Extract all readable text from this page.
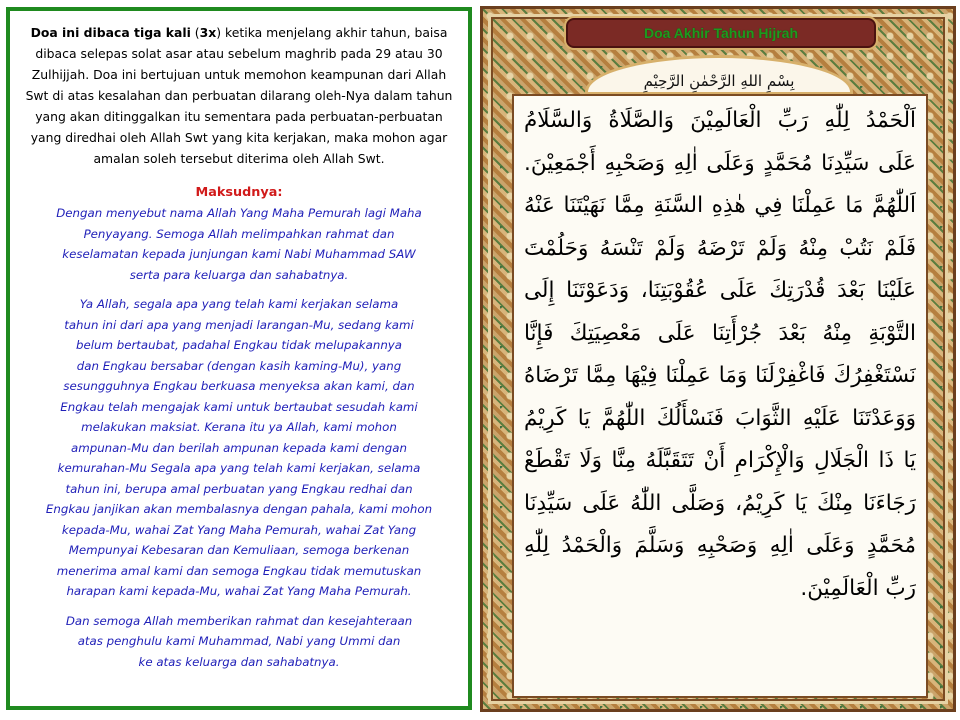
Doa ini dibaca tiga kali (3x) ketika menjelang akhir tahun, baisa dibaca selepas solat asar atau sebelum maghrib pada 29 atau 30 Zulhijjah. Doa ini bertujuan untuk memohon keampunan dari Allah Swt di atas kesalahan dan perbuatan dilarang oleh-Nya dalam tahun yang akan ditinggalkan itu sementara pada perbuatan-perbuatan yang diredhai oleh Allah Swt yang kita kerjakan, maka mohon agar amalan soleh tersebut diterima oleh Allah Swt.

Maksudnya:

Dengan menyebut nama Allah Yang Maha Pemurah lagi Maha
Penyayang. Semoga Allah melimpahkan rahmat dan
keselamatan kepada junjungan kami Nabi Muhammad SAW
serta para keluarga dan sahabatnya.

Ya Allah, segala apa yang telah kami kerjakan selama
tahun ini dari apa yang menjadi larangan-Mu, sedang kami
belum bertaubat, padahal Engkau tidak melupakannya
dan Engkau bersabar (dengan kasih kaming-Mu), yang
sesungguhnya Engkau berkuasa menyeksa akan kami, dan
Engkau telah mengajak kami untuk bertaubat sesudah kami
melakukan maksiat. Kerana itu ya Allah, kami mohon
ampunan-Mu dan berilah ampunan kepada kami dengan
kemurahan-Mu Segala apa yang telah kami kerjakan, selama
tahun ini, berupa amal perbuatan yang Engkau redhai dan
Engkau janjikan akan membalasnya dengan pahala, kami mohon
kepada-Mu, wahai Zat Yang Maha Pemurah, wahai Zat Yang
Mempunyai Kebesaran dan Kemuliaan, semoga berkenan
menerima amal kami dan semoga Engkau tidak memutuskan
harapan kami kepada-Mu, wahai Zat Yang Maha Pemurah.

Dan semoga Allah memberikan rahmat dan kesejahteraan
atas penghulu kami Muhammad, Nabi yang Ummi dan
ke atas keluarga dan sahabatnya.

Doa Akhir Tahun Hijrah
بِسْمِ اللهِ الرَّحْمٰنِ الرَّحِيْمِ
اَلْحَمْدُ لِلّٰهِ رَبِّ الْعَالَمِيْنَ وَالصَّلَاةُ وَالسَّلَامُ
عَلَى سَيِّدِنَا مُحَمَّدٍ وَعَلَى اٰلِهِ وَصَحْبِهِ أَجْمَعِيْنَ.
اَللّٰهُمَّ مَا عَمِلْنَا فِي هٰذِهِ السَّنَةِ مِمَّا نَهَيْتَنَا عَنْهُ
فَلَمْ نَتُبْ مِنْهُ وَلَمْ تَرْضَهُ وَلَمْ تَنْسَهُ وَحَلُمْتَ
عَلَيْنَا بَعْدَ قُدْرَتِكَ عَلَى عُقُوْبَتِنَا، وَدَعَوْتَنَا إِلَى
التَّوْبَةِ مِنْهُ بَعْدَ جُرْأَتِنَا عَلَى مَعْصِيَتِكَ فَإِنَّا
نَسْتَغْفِرُكَ فَاغْفِرْلَنَا وَمَا عَمِلْنَا فِيْهَا مِمَّا تَرْضَاهُ
وَوَعَدْتَنَا عَلَيْهِ الثَّوَابَ فَنَسْأَلُكَ اللّٰهُمَّ يَا كَرِيْمُ
يَا ذَا الْجَلَالِ وَالْإِكْرَامِ أَنْ تَتَقَبَّلَهُ مِنَّا وَلَا تَقْطَعْ
رَجَاءَنَا مِنْكَ يَا كَرِيْمُ، وَصَلَّى اللّٰهُ عَلَى سَيِّدِنَا
مُحَمَّدٍ وَعَلَى اٰلِهِ وَصَحْبِهِ وَسَلَّمَ وَالْحَمْدُ لِلّٰهِ
رَبِّ الْعَالَمِيْنَ.
